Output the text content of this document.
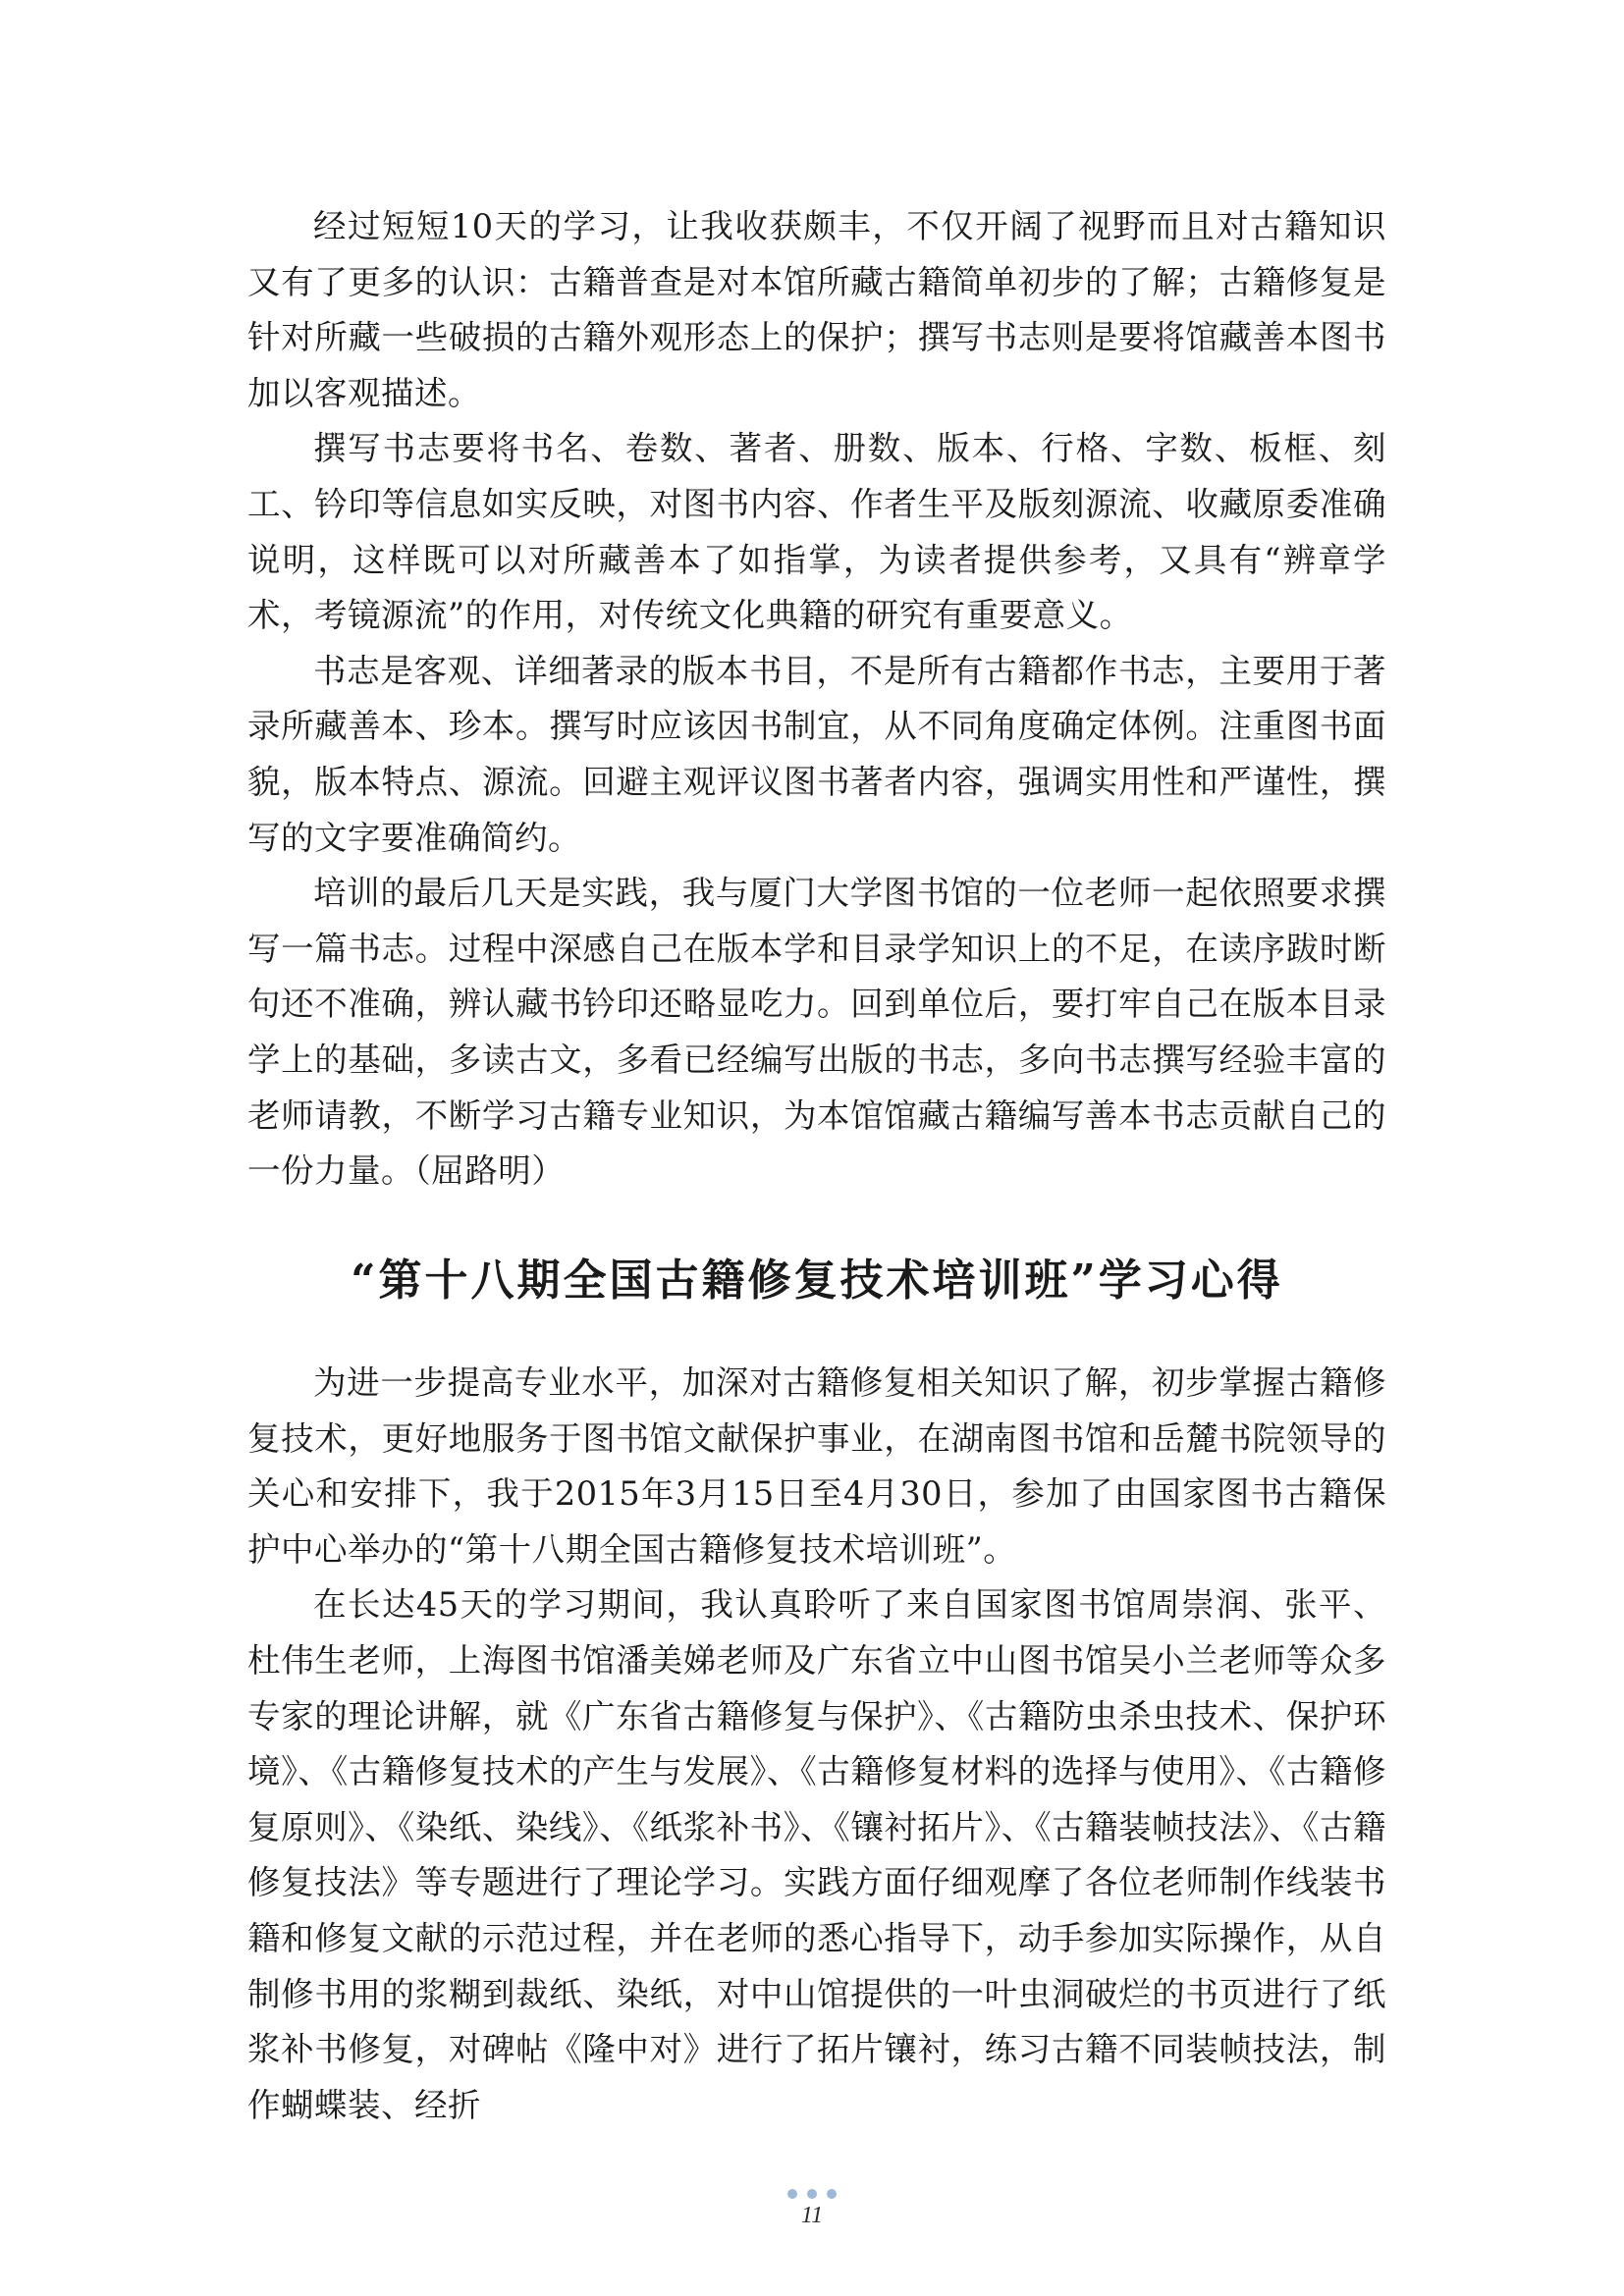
经过短短10天的学习，让我收获颇丰，不仅开阔了视野而且对古籍知识又有了更多的认识：古籍普查是对本馆所藏古籍简单初步的了解；古籍修复是针对所藏一些破损的古籍外观形态上的保护；撰写书志则是要将馆藏善本图书加以客观描述。

撰写书志要将书名、卷数、著者、册数、版本、行格、字数、板框、刻工、钤印等信息如实反映，对图书内容、作者生平及版刻源流、收藏原委准确说明，这样既可以对所藏善本了如指掌，为读者提供参考，又具有“辨章学术，考镜源流”的作用，对传统文化典籍的研究有重要意义。

书志是客观、详细著录的版本书目，不是所有古籍都作书志，主要用于著录所藏善本、珍本。撰写时应该因书制宜，从不同角度确定体例。注重图书面貌，版本特点、源流。回避主观评议图书著者内容，强调实用性和严谨性，撰写的文字要准确简约。

培训的最后几天是实践，我与厦门大学图书馆的一位老师一起依照要求撰写一篇书志。过程中深感自己在版本学和目录学知识上的不足，在读序跋时断句还不准确，辨认藏书钤印还略显吃力。回到单位后，要打牢自己在版本目录学上的基础，多读古文，多看已经编写出版的书志，多向书志撰写经验丰富的老师请教，不断学习古籍专业知识，为本馆馆藏古籍编写善本书志贡献自己的一份力量。（屈路明）

“第十八期全国古籍修复技术培训班”学习心得

为进一步提高专业水平，加深对古籍修复相关知识了解，初步掌握古籍修复技术，更好地服务于图书馆文献保护事业，在湖南图书馆和岳麓书院领导的关心和安排下，我于2015年3月15日至4月30日，参加了由国家图书古籍保护中心举办的“第十八期全国古籍修复技术培训班”。

在长达45天的学习期间，我认真聆听了来自国家图书馆周崇润、张平、杜伟生老师，上海图书馆潘美娣老师及广东省立中山图书馆吴小兰老师等众多专家的理论讲解，就《广东省古籍修复与保护》、《古籍防虫杀虫技术、保护环境》、《古籍修复技术的产生与发展》、《古籍修复材料的选择与使用》、《古籍修复原则》、《染纸、染线》、《纸浆补书》、《镶衬拓片》、《古籍装帧技法》、《古籍修复技法》等专题进行了理论学习。实践方面仔细观摩了各位老师制作线装书籍和修复文献的示范过程，并在老师的悉心指导下，动手参加实际操作，从自制修书用的浆糊到裁纸、染纸，对中山馆提供的一叶虫洞破烂的书页进行了纸浆补书修复，对碑帖《隆中对》进行了拓片镶衬，练习古籍不同装帧技法，制作蝴蝶装、经折

11
